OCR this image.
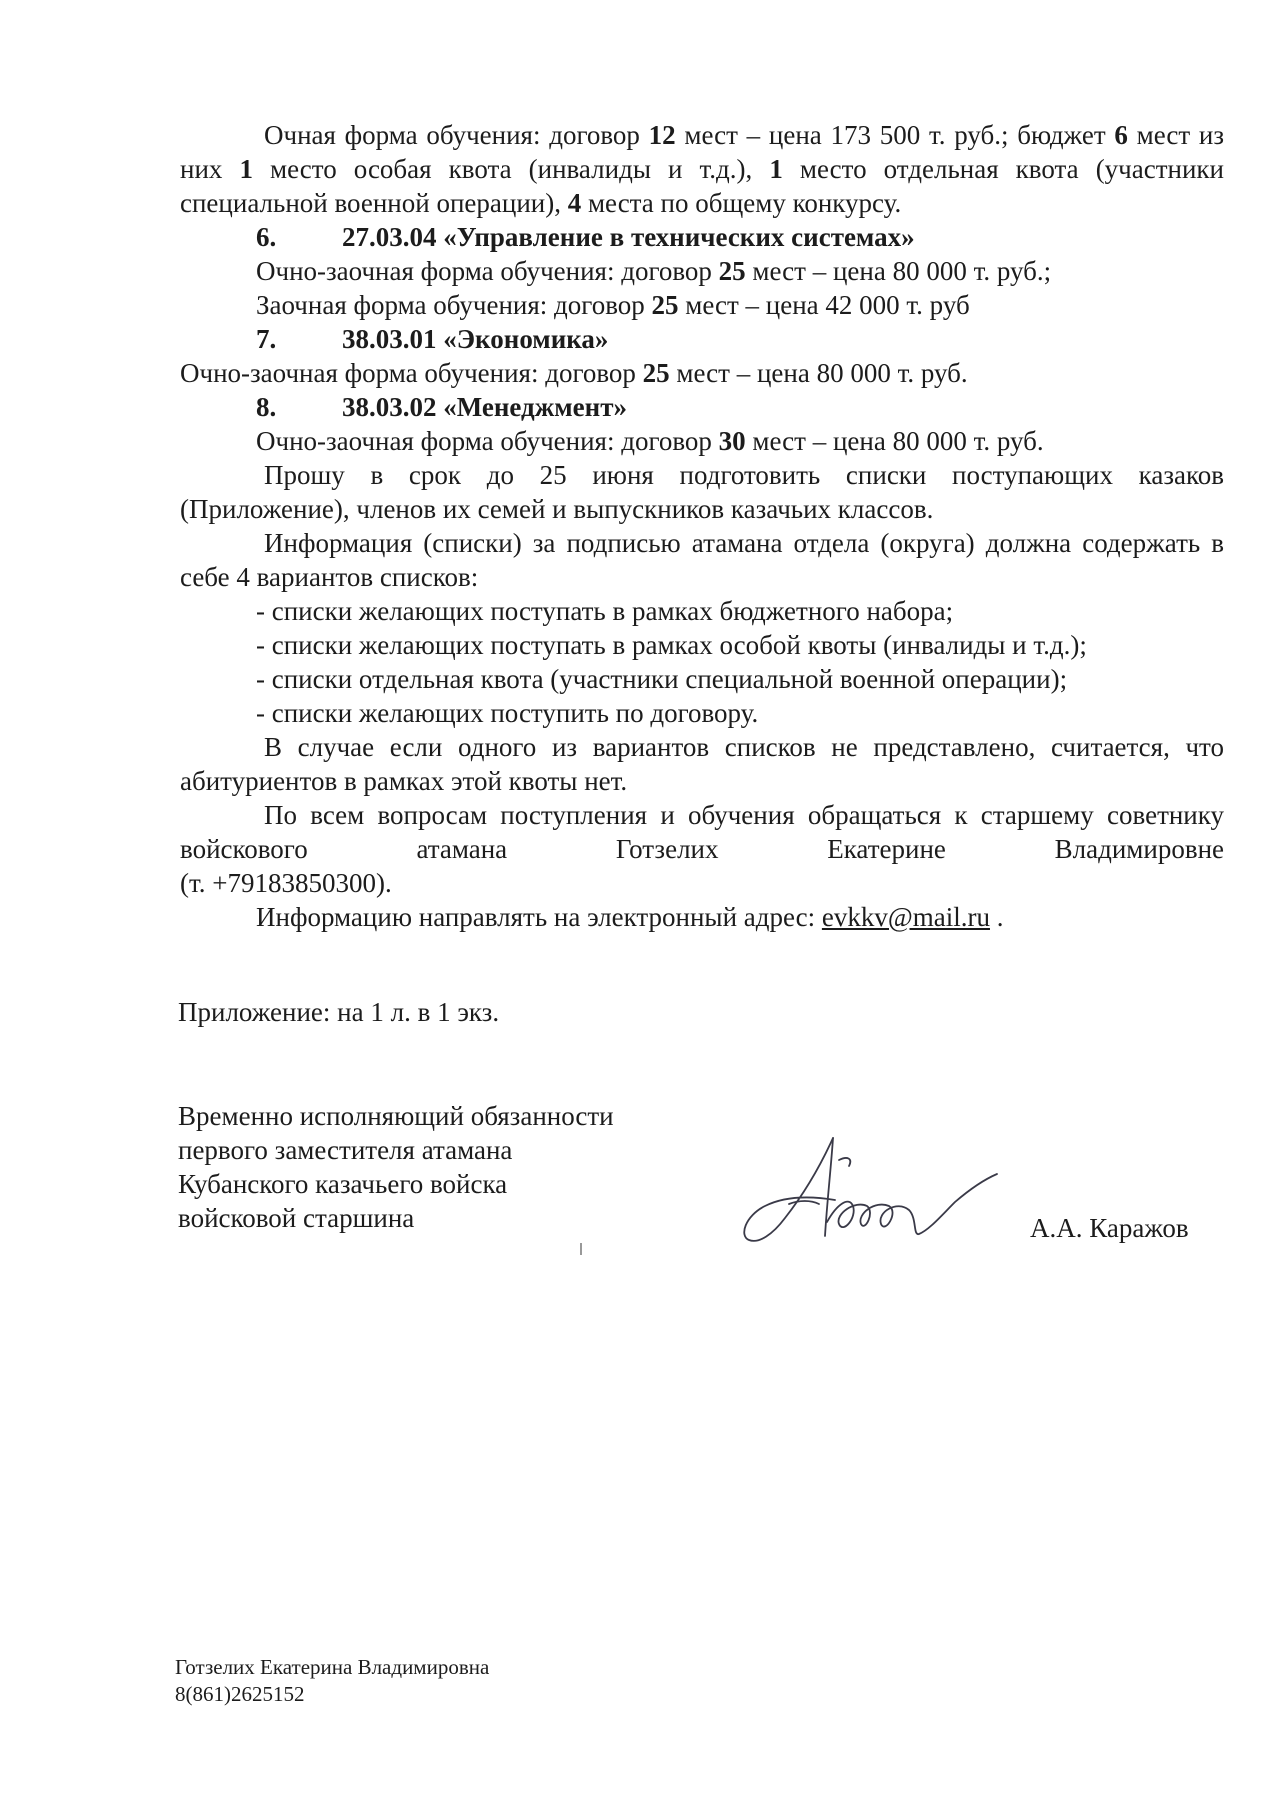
Очная форма обучения: договор 12 мест – цена 173 500 т. руб.; бюджет 6 мест из них 1 место особая квота (инвалиды и т.д.), 1 место отдельная квота (участники специальной военной операции), 4 места по общему конкурсу.

6. 27.03.04 «Управление в технических системах»

Очно-заочная форма обучения: договор 25 мест – цена 80 000 т. руб.;

Заочная форма обучения: договор 25 мест – цена 42 000 т. руб

7. 38.03.01 «Экономика»

Очно-заочная форма обучения: договор 25 мест – цена 80 000 т. руб.

8. 38.03.02 «Менеджмент»

Очно-заочная форма обучения: договор 30 мест – цена 80 000 т. руб.

Прошу в срок до 25 июня подготовить списки поступающих казаков (Приложение), членов их семей и выпускников казачьих классов.

Информация (списки) за подписью атамана отдела (округа) должна содержать в себе 4 вариантов списков:

- списки желающих поступать в рамках бюджетного набора;

- списки желающих поступать в рамках особой квоты (инвалиды и т.д.);

- списки отдельная квота (участники специальной военной операции);

- списки желающих поступить по договору.

В случае если одного из вариантов списков не представлено, считается, что абитуриентов в рамках этой квоты нет.

По всем вопросам поступления и обучения обращаться к старшему советнику войскового атамана Готзелих Екатерине Владимировне

(т. +79183850300).

Информацию направлять на электронный адрес: evkkv@mail.ru .

Приложение: на 1 л. в 1 экз.

Временно исполняющий обязанности

первого заместителя атамана

Кубанского казачьего войска

войсковой старшина	А.А. Каражов

Готзелих Екатерина Владимировна

8(861)2625152
